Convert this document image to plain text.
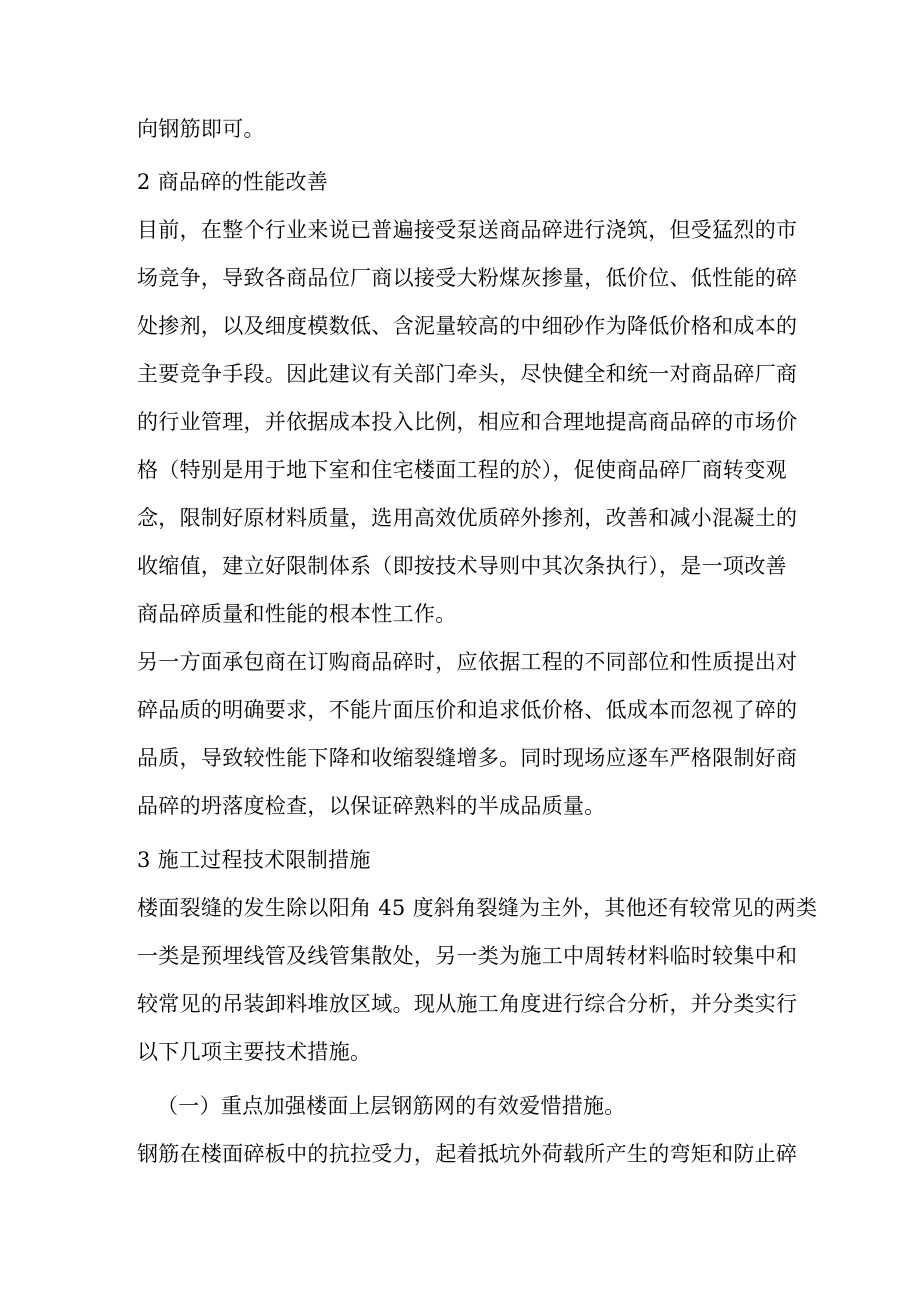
向钢筋即可。
2 商品碎的性能改善
目前，在整个行业来说已普遍接受泵送商品碎进行浇筑，但受猛烈的市
场竞争，导致各商品位厂商以接受大粉煤灰掺量，低价位、低性能的碎
处掺剂，以及细度模数低、含泥量较高的中细砂作为降低价格和成本的
主要竞争手段。因此建议有关部门牵头，尽快健全和统一对商品碎厂商
的行业管理，并依据成本投入比例，相应和合理地提高商品碎的市场价
格（特别是用于地下室和住宅楼面工程的於），促使商品碎厂商转变观
念，限制好原材料质量，选用高效优质碎外掺剂，改善和减小混凝土的
收缩值，建立好限制体系（即按技术导则中其次条执行），是一项改善
商品碎质量和性能的根本性工作。
另一方面承包商在订购商品碎时，应依据工程的不同部位和性质提出对
碎品质的明确要求，不能片面压价和追求低价格、低成本而忽视了碎的
品质，导致较性能下降和收缩裂缝增多。同时现场应逐车严格限制好商
品碎的坍落度检查，以保证碎熟料的半成品质量。
3 施工过程技术限制措施
楼面裂缝的发生除以阳角 45 度斜角裂缝为主外，其他还有较常见的两类
一类是预埋线管及线管集散处，另一类为施工中周转材料临时较集中和
较常见的吊装卸料堆放区域。现从施工角度进行综合分析，并分类实行
以下几项主要技术措施。
（一）重点加强楼面上层钢筋网的有效爱惜措施。
钢筋在楼面碎板中的抗拉受力，起着抵坑外荷载所产生的弯矩和防止碎
